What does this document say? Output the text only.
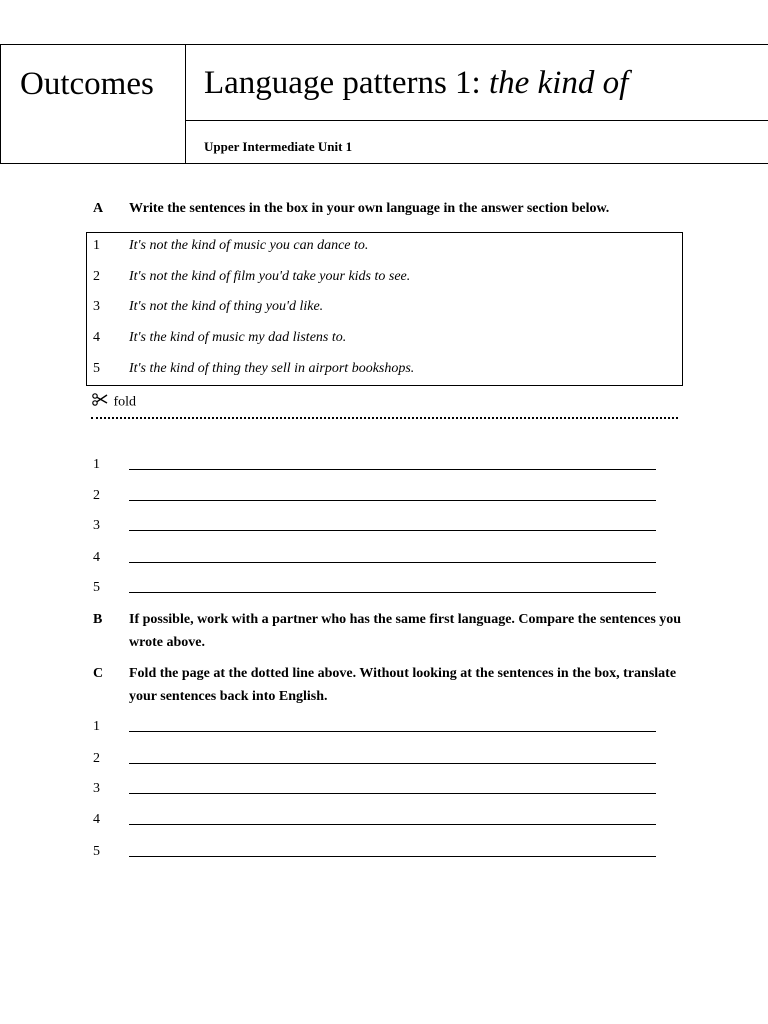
Outcomes Language patterns 1: the kind of
Upper Intermediate Unit 1
A Write the sentences in the box in your own language in the answer section below.
1 It's not the kind of music you can dance to.
2 It's not the kind of film you'd take your kids to see.
3 It's not the kind of thing you'd like.
4 It's the kind of music my dad listens to.
5 It's the kind of thing they sell in airport bookshops.
fold
1
2
3
4
5
B If possible, work with a partner who has the same first language. Compare the sentences you wrote above.
C Fold the page at the dotted line above. Without looking at the sentences in the box, translate your sentences back into English.
1
2
3
4
5
